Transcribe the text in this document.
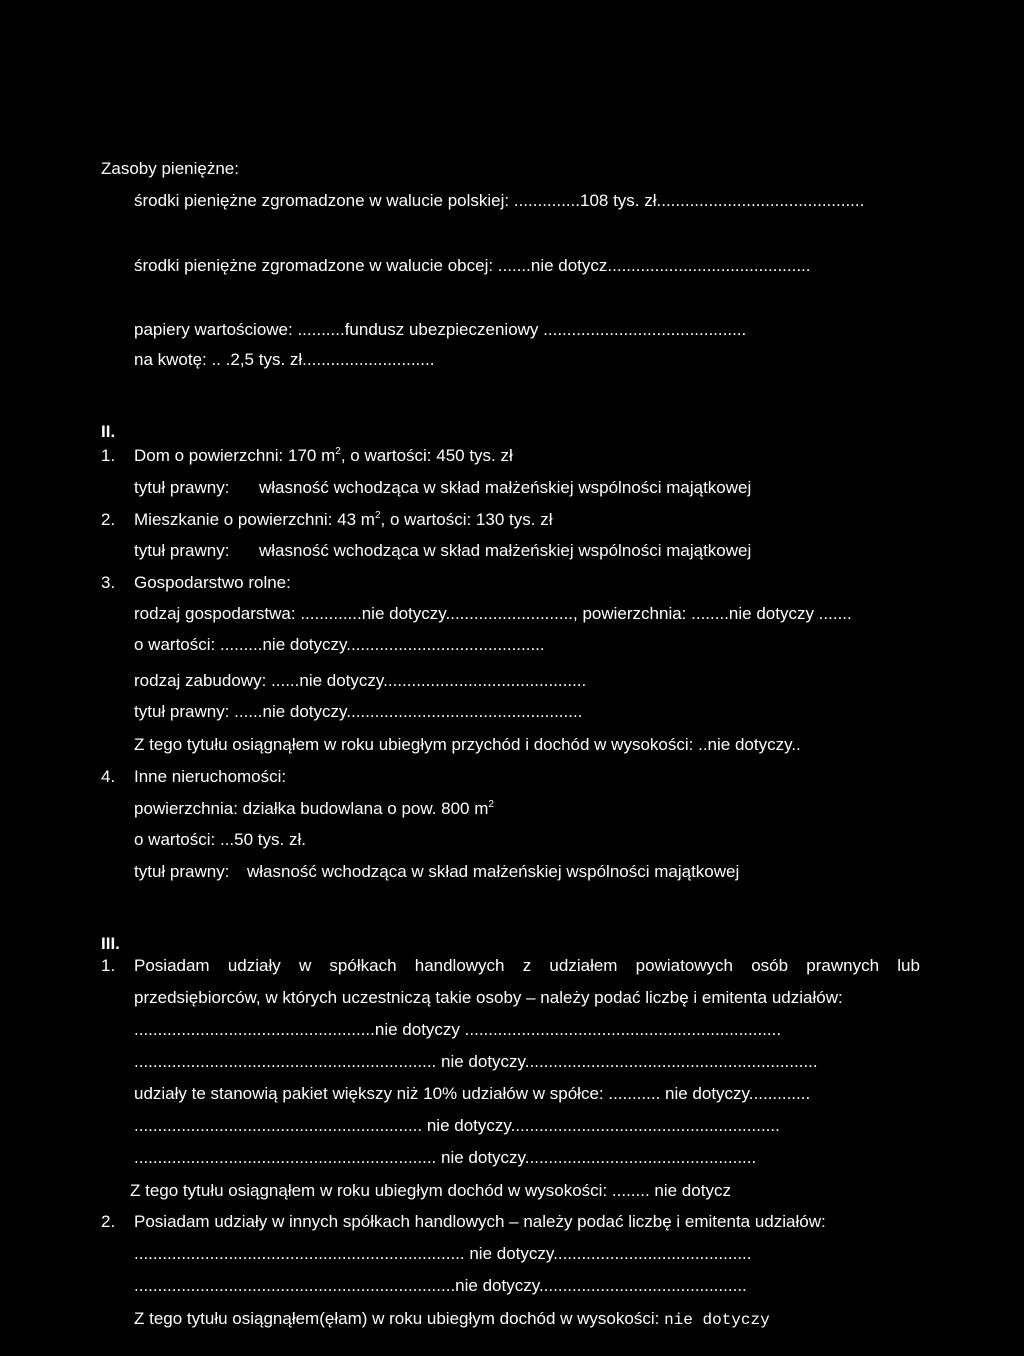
Zasoby pieniężne:
środki pieniężne zgromadzone w walucie polskiej: ..............108 tys. zł............................................
środki pieniężne zgromadzone w walucie obcej: .......nie dotycz...........................................
papiery wartościowe: ..........fundusz ubezpieczeniowy ...........................................
na kwotę: .. .2,5 tys. zł............................
II.
1. Dom o powierzchni: 170 $m^2$, o wartości: 450 tys. zł
tytuł prawny: własność wchodząca w skład małżeńskiej wspólności majątkowej
2. Mieszkanie o powierzchni: 43 $m^2$, o wartości: 130 tys. zł
tytuł prawny: własność wchodząca w skład małżeńskiej wspólności majątkowej
3. Gospodarstwo rolne:
rodzaj gospodarstwa: .............nie dotyczy..........................., powierzchnia: ........nie dotyczy .......
o wartości: .........nie dotyczy..........................................
rodzaj zabudowy: ......nie dotyczy...........................................
tytuł prawny: ......nie dotyczy..................................................
Z tego tytułu osiągnąłem w roku ubiegłym przychód i dochód w wysokości: ..nie dotyczy..
4. Inne nieruchomości:
powierzchnia: działka budowlana o pow. 800 $m^2$
o wartości: ...50 tys. zł.
tytuł prawny: własność wchodząca w skład małżeńskiej wspólności majątkowej
III.
1. Posiadam udziały w spółkach handlowych z udziałem powiatowych osób prawnych lub
przedsiębiorców, w których uczestniczą takie osoby – należy podać liczbę i emitenta udziałów:
...................................................nie dotyczy ...................................................................
................................................................ nie dotyczy..............................................................
udziały te stanowią pakiet większy niż 10% udziałów w spółce: ........... nie dotyczy.............
............................................................. nie dotyczy.........................................................
................................................................ nie dotyczy.................................................
Z tego tytułu osiągnąłem w roku ubiegłym dochód w wysokości: ........ nie dotycz
2. Posiadam udziały w innych spółkach handlowych – należy podać liczbę i emitenta udziałów:
...................................................................... nie dotyczy..........................................
....................................................................nie dotyczy............................................
Z tego tytułu osiągnąłem(ęłam) w roku ubiegłym dochód w wysokości: nie dotyczy
